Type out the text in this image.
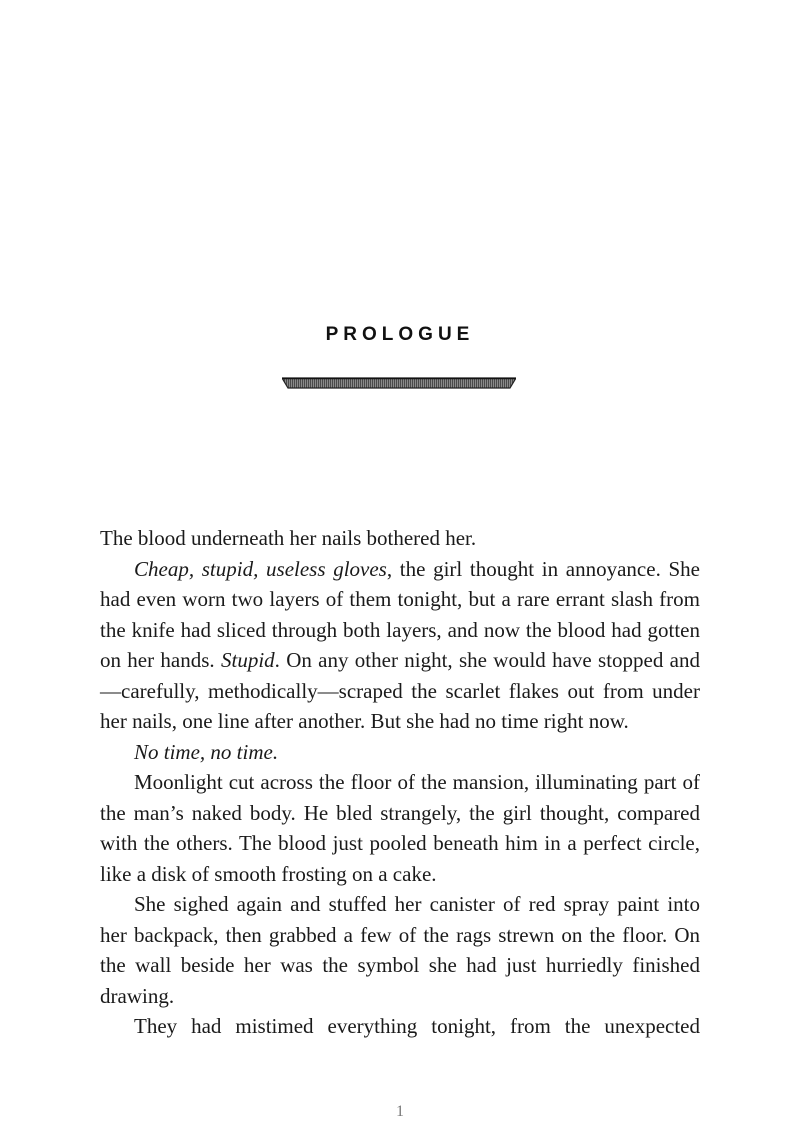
PROLOGUE

The blood underneath her nails bothered her.

Cheap, stupid, useless gloves, the girl thought in annoyance. She had even worn two layers of them tonight, but a rare errant slash from the knife had sliced through both layers, and now the blood had gotten on her hands. Stupid. On any other night, she would have stopped and—carefully, methodically—scraped the scarlet flakes out from under her nails, one line after another. But she had no time right now.

No time, no time.

Moonlight cut across the floor of the mansion, illuminating part of the man’s naked body. He bled strangely, the girl thought, compared with the others. The blood just pooled beneath him in a perfect circle, like a disk of smooth frosting on a cake.

She sighed again and stuffed her canister of red spray paint into her backpack, then grabbed a few of the rags strewn on the floor. On the wall beside her was the symbol she had just hurriedly finished drawing.

They had mistimed everything tonight, from the unexpected

1
